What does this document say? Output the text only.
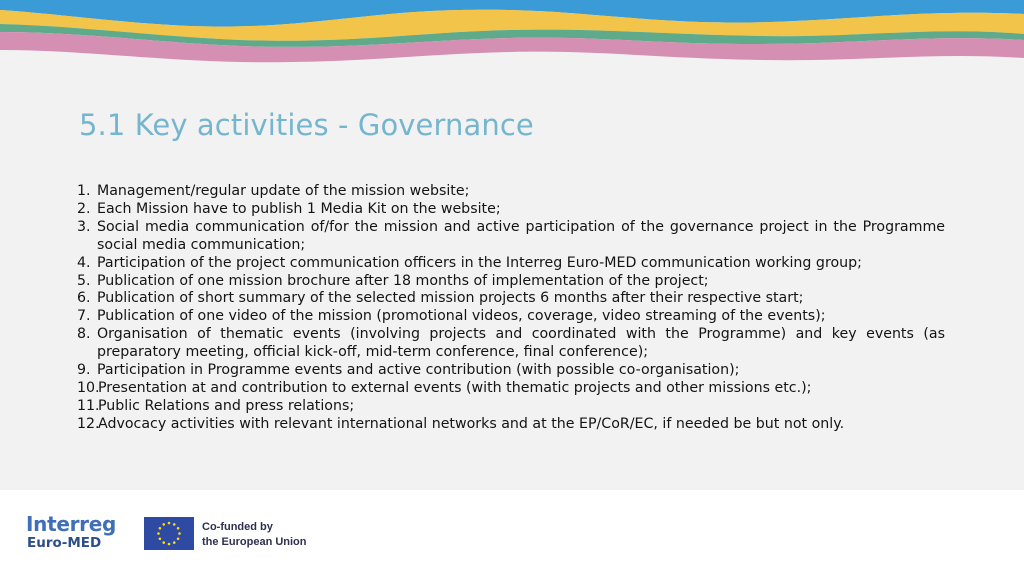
5.1 Key activities - Governance
1. Management/regular update of the mission website;
2. Each Mission have to publish 1 Media Kit on the website;
3. Social media communication of/for the mission and active participation of the governance project in the Programme social media communication;
4. Participation of the project communication officers in the Interreg Euro-MED communication working group;
5. Publication of one mission brochure after 18 months of implementation of the project;
6. Publication of short summary of the selected mission projects 6 months after their respective start;
7. Publication of one video of the mission (promotional videos, coverage, video streaming of the events);
8. Organisation of thematic events (involving projects and coordinated with the Programme) and key events (as preparatory meeting, official kick-off, mid-term conference, final conference);
9. Participation in Programme events and active contribution (with possible co-organisation);
10.
Presentation at and contribution to external events (with thematic projects and other missions etc.);
11.
Public Relations and press relations;
12.
Advocacy activities with relevant international networks and at the EP/CoR/EC, if needed be but not only.
Interreg
Euro-MED
Co-funded by
the European Union
